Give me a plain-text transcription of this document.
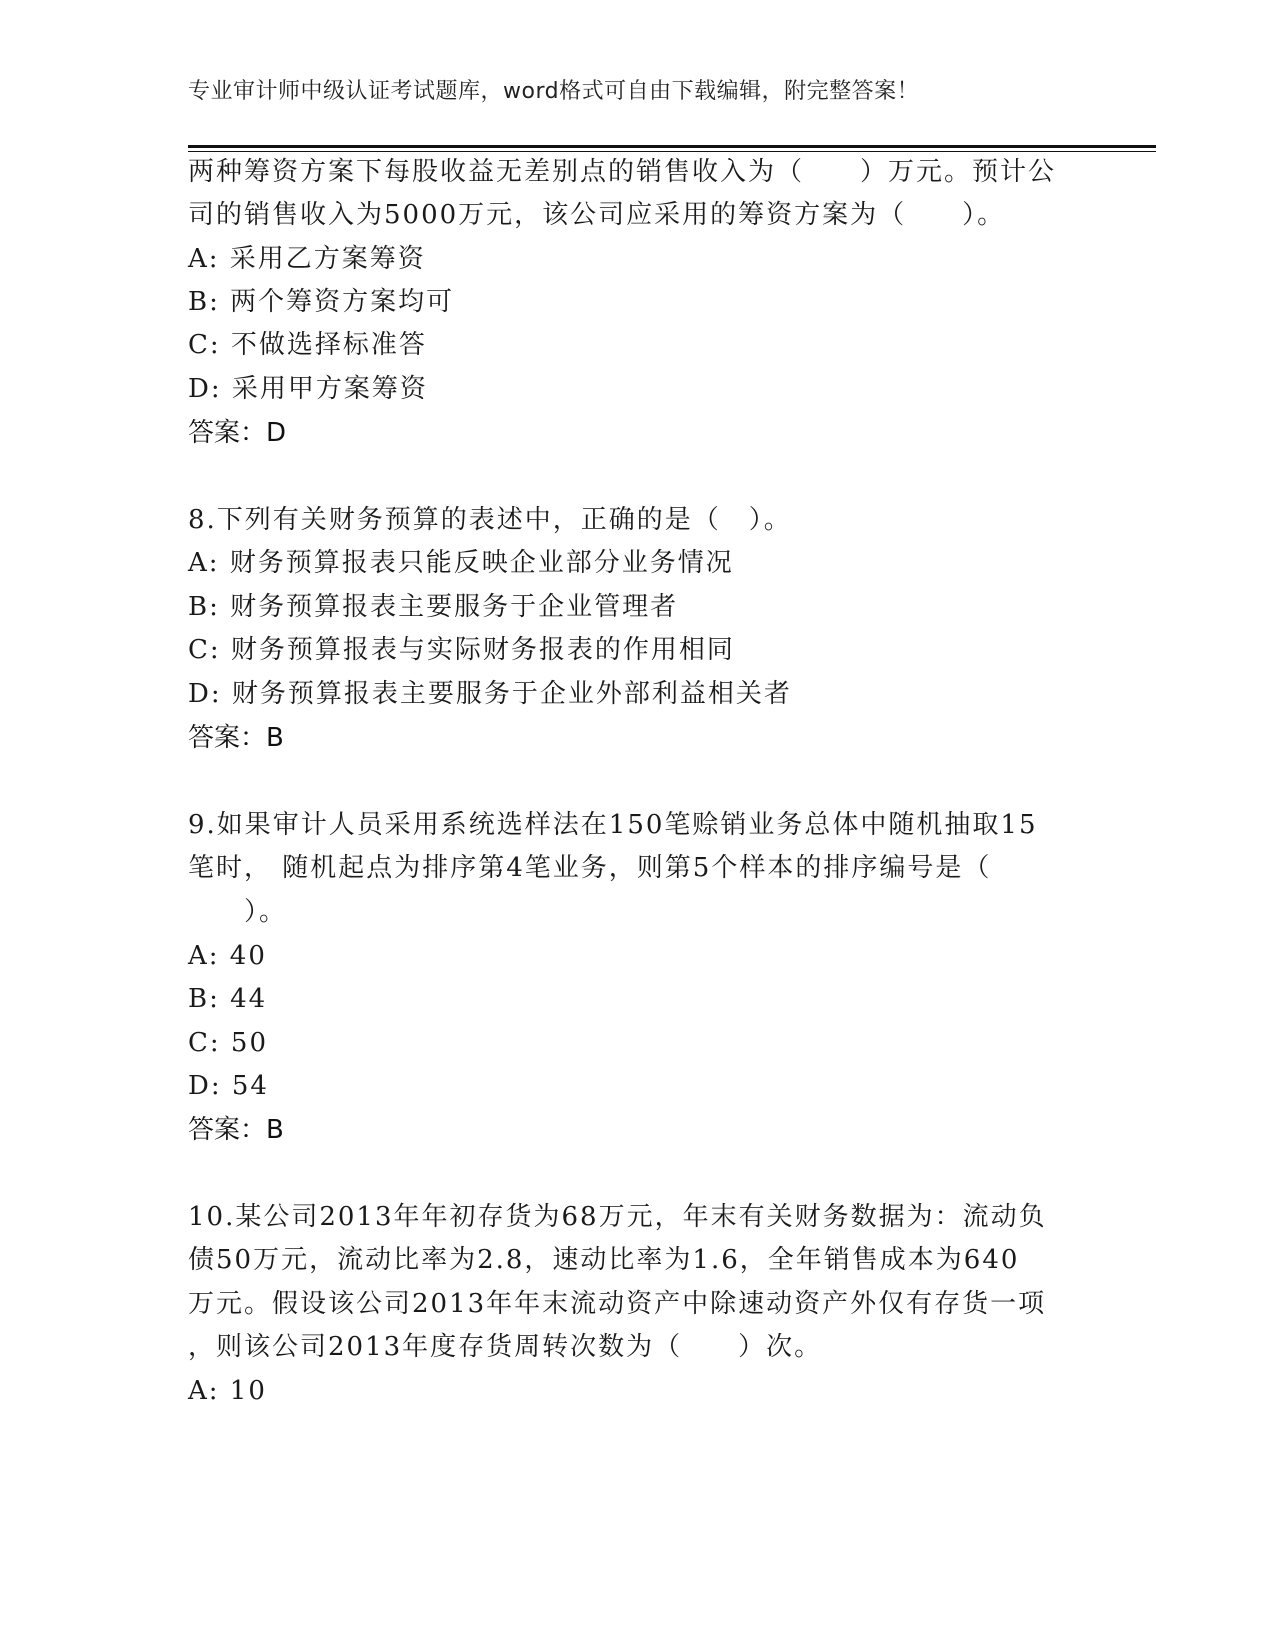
专业审计师中级认证考试题库，word格式可自由下载编辑，附完整答案！
两种筹资方案下每股收益无差别点的销售收入为（　　）万元。预计公
司的销售收入为5000万元，该公司应采用的筹资方案为（　　）。
A: 采用乙方案筹资
B: 两个筹资方案均可
C: 不做选择标准答
D: 采用甲方案筹资
答案：D
8.下列有关财务预算的表述中，正确的是（　）。
A: 财务预算报表只能反映企业部分业务情况
B: 财务预算报表主要服务于企业管理者
C: 财务预算报表与实际财务报表的作用相同
D: 财务预算报表主要服务于企业外部利益相关者
答案：B
9.如果审计人员采用系统选样法在150笔赊销业务总体中随机抽取15
笔时， 随机起点为排序第4笔业务，则第5个样本的排序编号是（
　　）。
A: 40
B: 44
C: 50
D: 54
答案：B
10.某公司2013年年初存货为68万元，年末有关财务数据为：流动负
债50万元，流动比率为2.8，速动比率为1.6，全年销售成本为640
万元。假设该公司2013年年末流动资产中除速动资产外仅有存货一项
，则该公司2013年度存货周转次数为（　　）次。
A: 10
